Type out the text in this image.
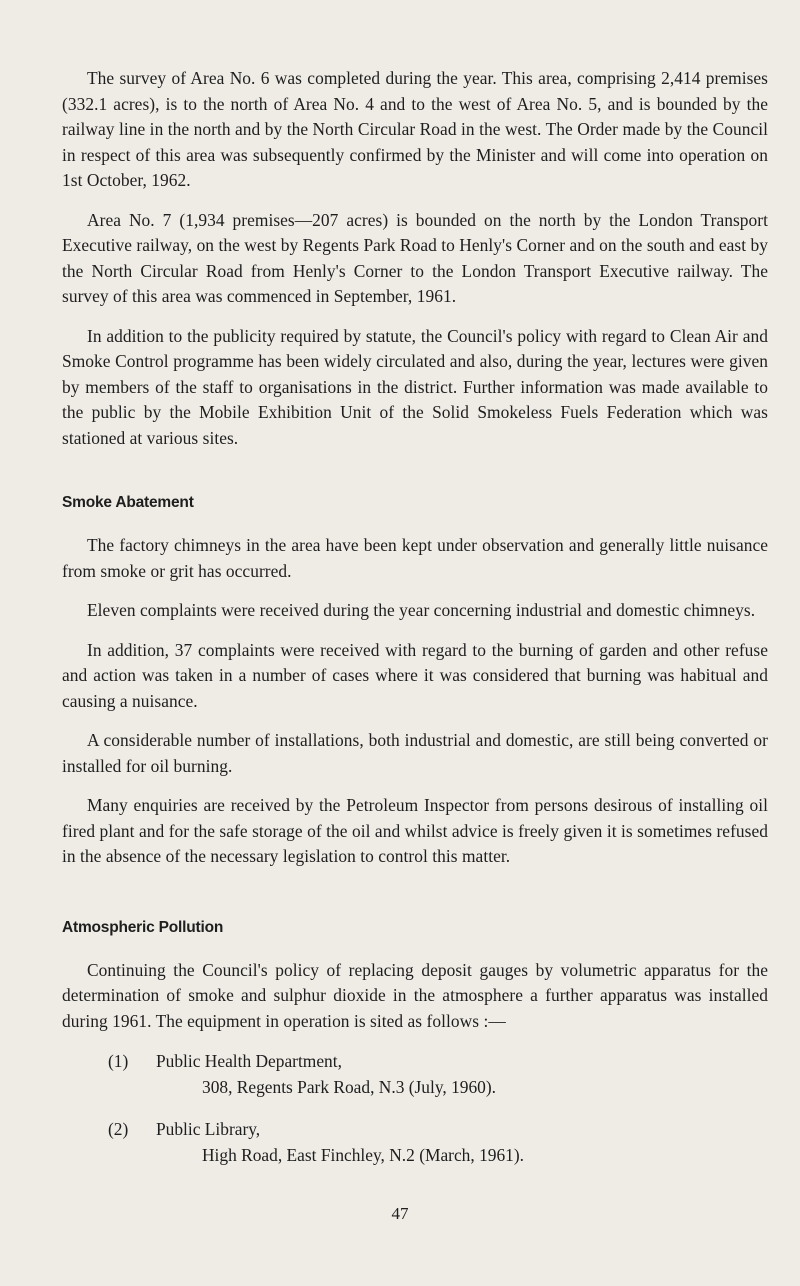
The survey of Area No. 6 was completed during the year. This area, comprising 2,414 premises (332.1 acres), is to the north of Area No. 4 and to the west of Area No. 5, and is bounded by the railway line in the north and by the North Circular Road in the west. The Order made by the Council in respect of this area was subsequently confirmed by the Minister and will come into operation on 1st October, 1962.

Area No. 7 (1,934 premises—207 acres) is bounded on the north by the London Transport Executive railway, on the west by Regents Park Road to Henly's Corner and on the south and east by the North Circular Road from Henly's Corner to the London Transport Executive railway. The survey of this area was commenced in September, 1961.

In addition to the publicity required by statute, the Council's policy with regard to Clean Air and Smoke Control programme has been widely circulated and also, during the year, lectures were given by members of the staff to organisations in the district. Further information was made available to the public by the Mobile Exhibition Unit of the Solid Smokeless Fuels Federation which was stationed at various sites.

Smoke Abatement

The factory chimneys in the area have been kept under observation and generally little nuisance from smoke or grit has occurred.

Eleven complaints were received during the year concerning industrial and domestic chimneys.

In addition, 37 complaints were received with regard to the burning of garden and other refuse and action was taken in a number of cases where it was considered that burning was habitual and causing a nuisance.

A considerable number of installations, both industrial and domestic, are still being converted or installed for oil burning.

Many enquiries are received by the Petroleum Inspector from persons desirous of installing oil fired plant and for the safe storage of the oil and whilst advice is freely given it is sometimes refused in the absence of the necessary legislation to control this matter.

Atmospheric Pollution

Continuing the Council's policy of replacing deposit gauges by volumetric apparatus for the determination of smoke and sulphur dioxide in the atmosphere a further apparatus was installed during 1961. The equipment in operation is sited as follows :—

(1) Public Health Department,
308, Regents Park Road, N.3 (July, 1960).
(2) Public Library,
High Road, East Finchley, N.2 (March, 1961).
47
